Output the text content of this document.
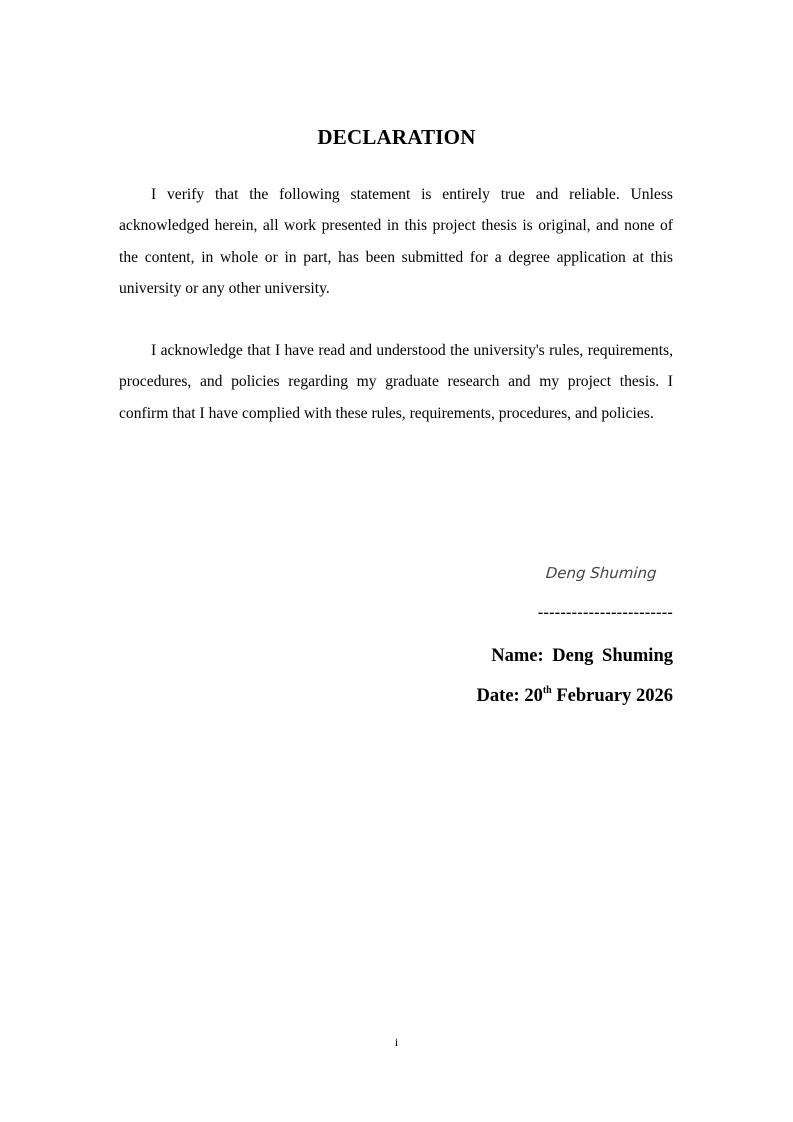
DECLARATION

I verify that the following statement is entirely true and reliable. Unless acknowledged herein, all work presented in this project thesis is original, and none of the content, in whole or in part, has been submitted for a degree application at this university or any other university.

I acknowledge that I have read and understood the university's rules, requirements, procedures, and policies regarding my graduate research and my project thesis. I confirm that I have complied with these rules, requirements, procedures, and policies.

Deng Shuming
------------------------
Name: Deng Shuming
Date: 20th February 2026
i
